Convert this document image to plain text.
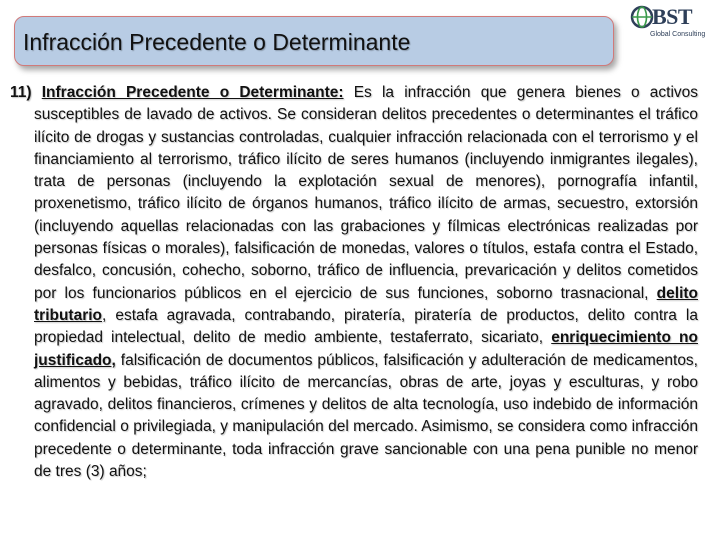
Infracción Precedente o Determinante
BST
Global Consulting

11) Infracción Precedente o Determinante: Es la infracción que genera bienes o activos susceptibles de lavado de activos. Se consideran delitos precedentes o determinantes el tráfico ilícito de drogas y sustancias controladas, cualquier infracción relacionada con el terrorismo y el financiamiento al terrorismo, tráfico ilícito de seres humanos (incluyendo inmigrantes ilegales), trata de personas (incluyendo la explotación sexual de menores), pornografía infantil, proxenetismo, tráfico ilícito de órganos humanos, tráfico ilícito de armas, secuestro, extorsión (incluyendo aquellas relacionadas con las grabaciones y fílmicas electrónicas realizadas por personas físicas o morales), falsificación de monedas, valores o títulos, estafa contra el Estado, desfalco, concusión, cohecho, soborno, tráfico de influencia, prevaricación y delitos cometidos por los funcionarios públicos en el ejercicio de sus funciones, soborno trasnacional, delito tributario, estafa agravada, contrabando, piratería, piratería de productos, delito contra la propiedad intelectual, delito de medio ambiente, testaferrato, sicariato, enriquecimiento no justificado, falsificación de documentos públicos, falsificación y adulteración de medicamentos, alimentos y bebidas, tráfico ilícito de mercancías, obras de arte, joyas y esculturas, y robo agravado, delitos financieros, crímenes y delitos de alta tecnología, uso indebido de información confidencial o privilegiada, y manipulación del mercado. Asimismo, se considera como infracción precedente o determinante, toda infracción grave sancionable con una pena punible no menor de tres (3) años;
